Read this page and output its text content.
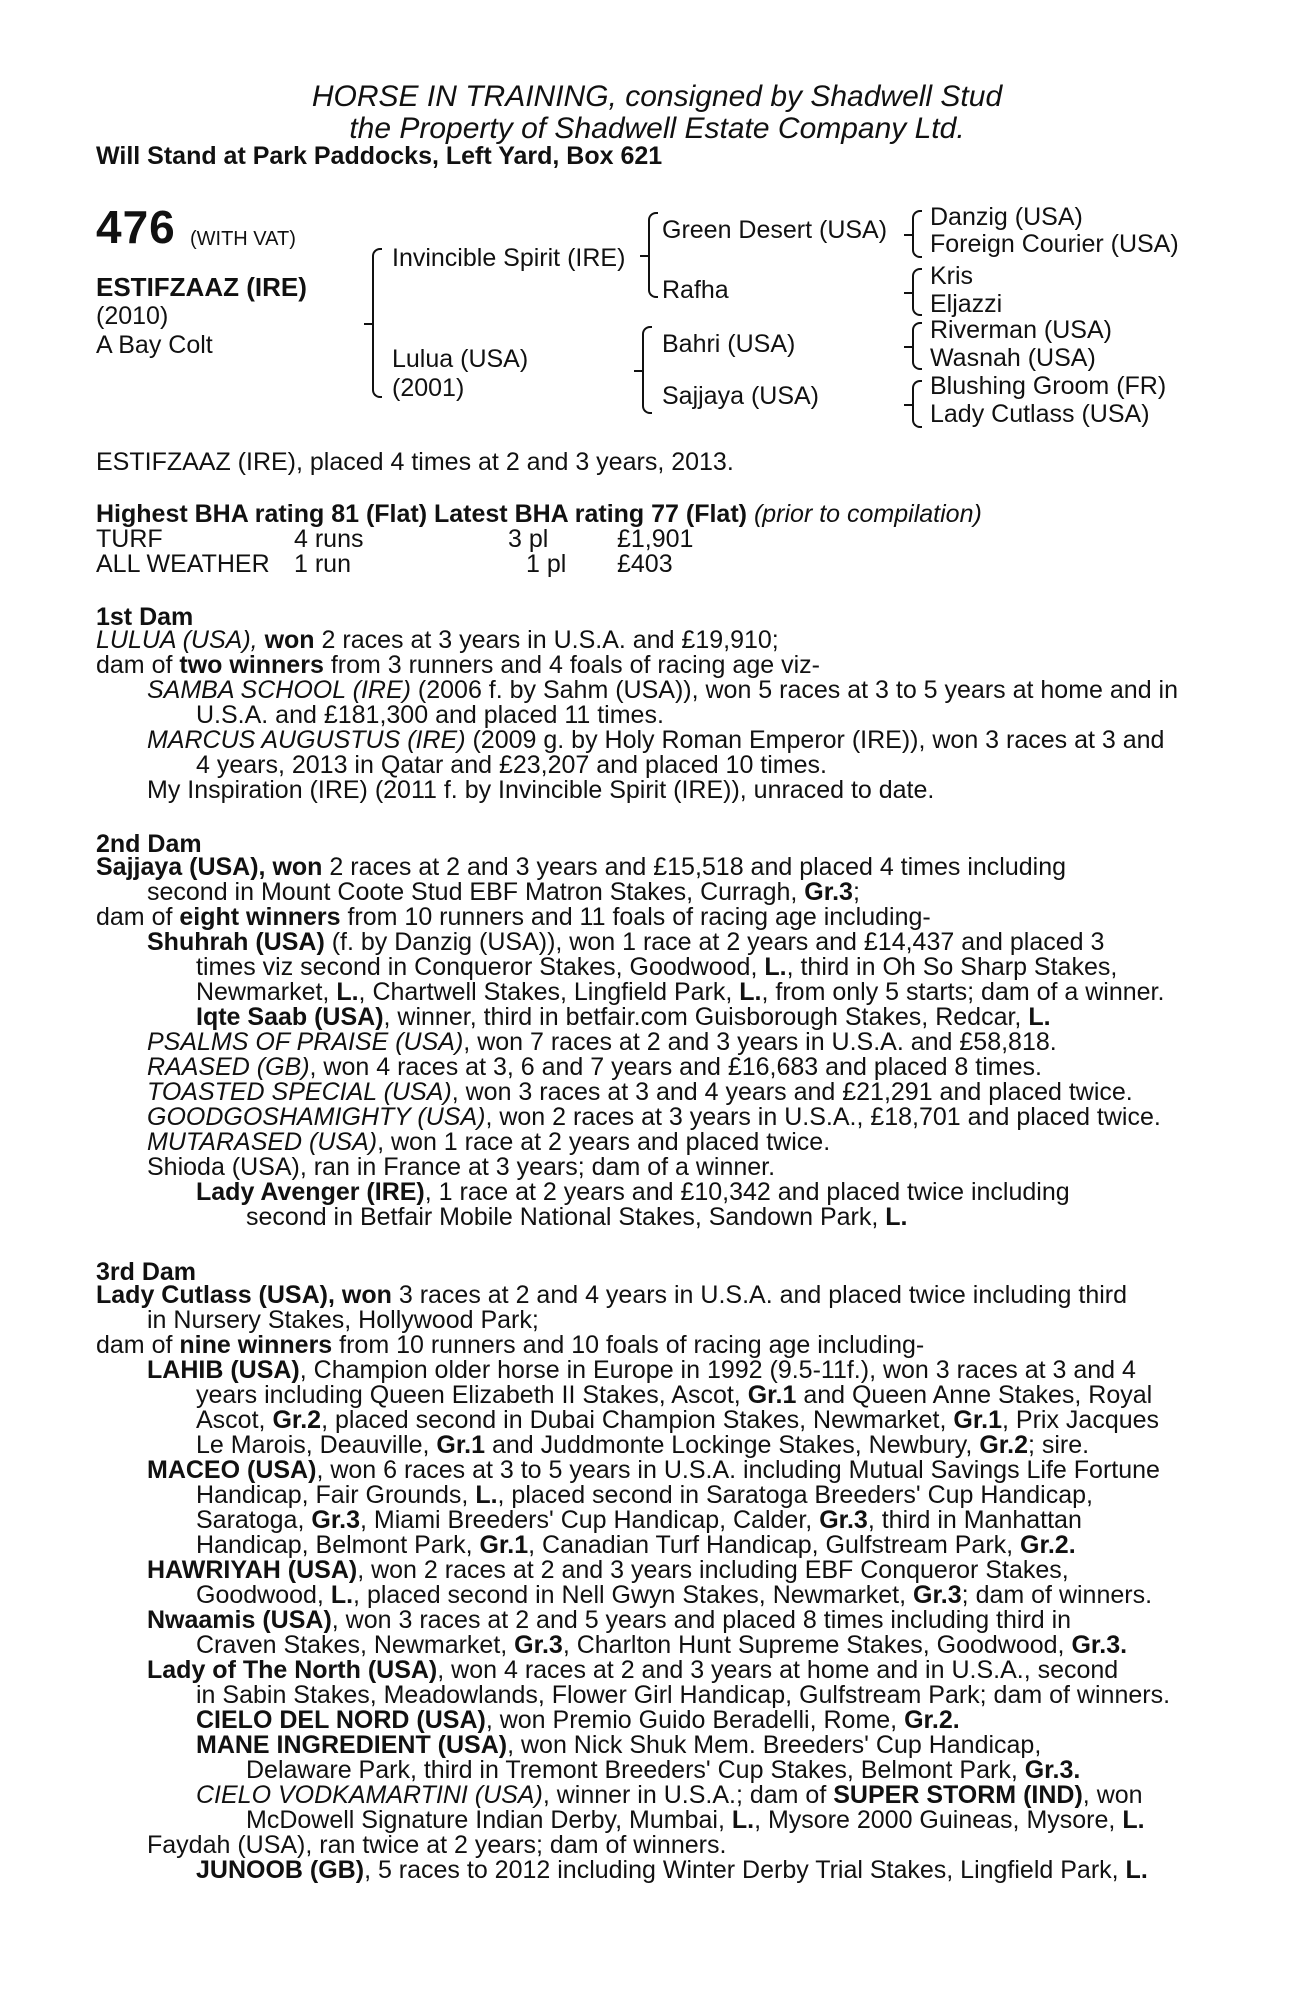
HORSE IN TRAINING, consigned by Shadwell Stud
the Property of Shadwell Estate Company Ltd.
Will Stand at Park Paddocks, Left Yard, Box 621
476 (WITH VAT)
ESTIFZAAZ (IRE)
(2010)
A Bay Colt
Invincible Spirit (IRE)
Lulua (USA)
(2001)
Green Desert (USA)
Rafha
Bahri (USA)
Sajjaya (USA)
Danzig (USA)
Foreign Courier (USA)
Kris
Eljazzi
Riverman (USA)
Wasnah (USA)
Blushing Groom (FR)
Lady Cutlass (USA)
ESTIFZAAZ (IRE), placed 4 times at 2 and 3 years, 2013.
Highest BHA rating 81 (Flat) Latest BHA rating 77 (Flat) (prior to compilation)
TURF	4 runs	3 pl	£1,901
ALL WEATHER 1 run	1 pl £403
1st Dam
LULUA (USA), won 2 races at 3 years in U.S.A. and £19,910;
dam of two winners from 3 runners and 4 foals of racing age viz-
SAMBA SCHOOL (IRE) (2006 f. by Sahm (USA)), won 5 races at 3 to 5 years at home and in
U.S.A. and £181,300 and placed 11 times.
MARCUS AUGUSTUS (IRE) (2009 g. by Holy Roman Emperor (IRE)), won 3 races at 3 and
4 years, 2013 in Qatar and £23,207 and placed 10 times.
My Inspiration (IRE) (2011 f. by Invincible Spirit (IRE)), unraced to date.
2nd Dam
Sajjaya (USA), won 2 races at 2 and 3 years and £15,518 and placed 4 times including
second in Mount Coote Stud EBF Matron Stakes, Curragh, Gr.3;
dam of eight winners from 10 runners and 11 foals of racing age including-
Shuhrah (USA) (f. by Danzig (USA)), won 1 race at 2 years and £14,437 and placed 3
times viz second in Conqueror Stakes, Goodwood, L., third in Oh So Sharp Stakes,
Newmarket, L., Chartwell Stakes, Lingfield Park, L., from only 5 starts; dam of a winner.
Iqte Saab (USA), winner, third in betfair.com Guisborough Stakes, Redcar, L.
PSALMS OF PRAISE (USA), won 7 races at 2 and 3 years in U.S.A. and £58,818.
RAASED (GB), won 4 races at 3, 6 and 7 years and £16,683 and placed 8 times.
TOASTED SPECIAL (USA), won 3 races at 3 and 4 years and £21,291 and placed twice.
GOODGOSHAMIGHTY (USA), won 2 races at 3 years in U.S.A., £18,701 and placed twice.
MUTARASED (USA), won 1 race at 2 years and placed twice.
Shioda (USA), ran in France at 3 years; dam of a winner.
Lady Avenger (IRE), 1 race at 2 years and £10,342 and placed twice including
second in Betfair Mobile National Stakes, Sandown Park, L.
3rd Dam
Lady Cutlass (USA), won 3 races at 2 and 4 years in U.S.A. and placed twice including third
in Nursery Stakes, Hollywood Park;
dam of nine winners from 10 runners and 10 foals of racing age including-
LAHIB (USA), Champion older horse in Europe in 1992 (9.5-11f.), won 3 races at 3 and 4
years including Queen Elizabeth II Stakes, Ascot, Gr.1 and Queen Anne Stakes, Royal
Ascot, Gr.2, placed second in Dubai Champion Stakes, Newmarket, Gr.1, Prix Jacques
Le Marois, Deauville, Gr.1 and Juddmonte Lockinge Stakes, Newbury, Gr.2; sire.
MACEO (USA), won 6 races at 3 to 5 years in U.S.A. including Mutual Savings Life Fortune
Handicap, Fair Grounds, L., placed second in Saratoga Breeders' Cup Handicap,
Saratoga, Gr.3, Miami Breeders' Cup Handicap, Calder, Gr.3, third in Manhattan
Handicap, Belmont Park, Gr.1, Canadian Turf Handicap, Gulfstream Park, Gr.2.
HAWRIYAH (USA), won 2 races at 2 and 3 years including EBF Conqueror Stakes,
Goodwood, L., placed second in Nell Gwyn Stakes, Newmarket, Gr.3; dam of winners.
Nwaamis (USA), won 3 races at 2 and 5 years and placed 8 times including third in
Craven Stakes, Newmarket, Gr.3, Charlton Hunt Supreme Stakes, Goodwood, Gr.3.
Lady of The North (USA), won 4 races at 2 and 3 years at home and in U.S.A., second
in Sabin Stakes, Meadowlands, Flower Girl Handicap, Gulfstream Park; dam of winners.
CIELO DEL NORD (USA), won Premio Guido Beradelli, Rome, Gr.2.
MANE INGREDIENT (USA), won Nick Shuk Mem. Breeders' Cup Handicap,
Delaware Park, third in Tremont Breeders' Cup Stakes, Belmont Park, Gr.3.
CIELO VODKAMARTINI (USA), winner in U.S.A.; dam of SUPER STORM (IND), won
McDowell Signature Indian Derby, Mumbai, L., Mysore 2000 Guineas, Mysore, L.
Faydah (USA), ran twice at 2 years; dam of winners.
JUNOOB (GB), 5 races to 2012 including Winter Derby Trial Stakes, Lingfield Park, L.
